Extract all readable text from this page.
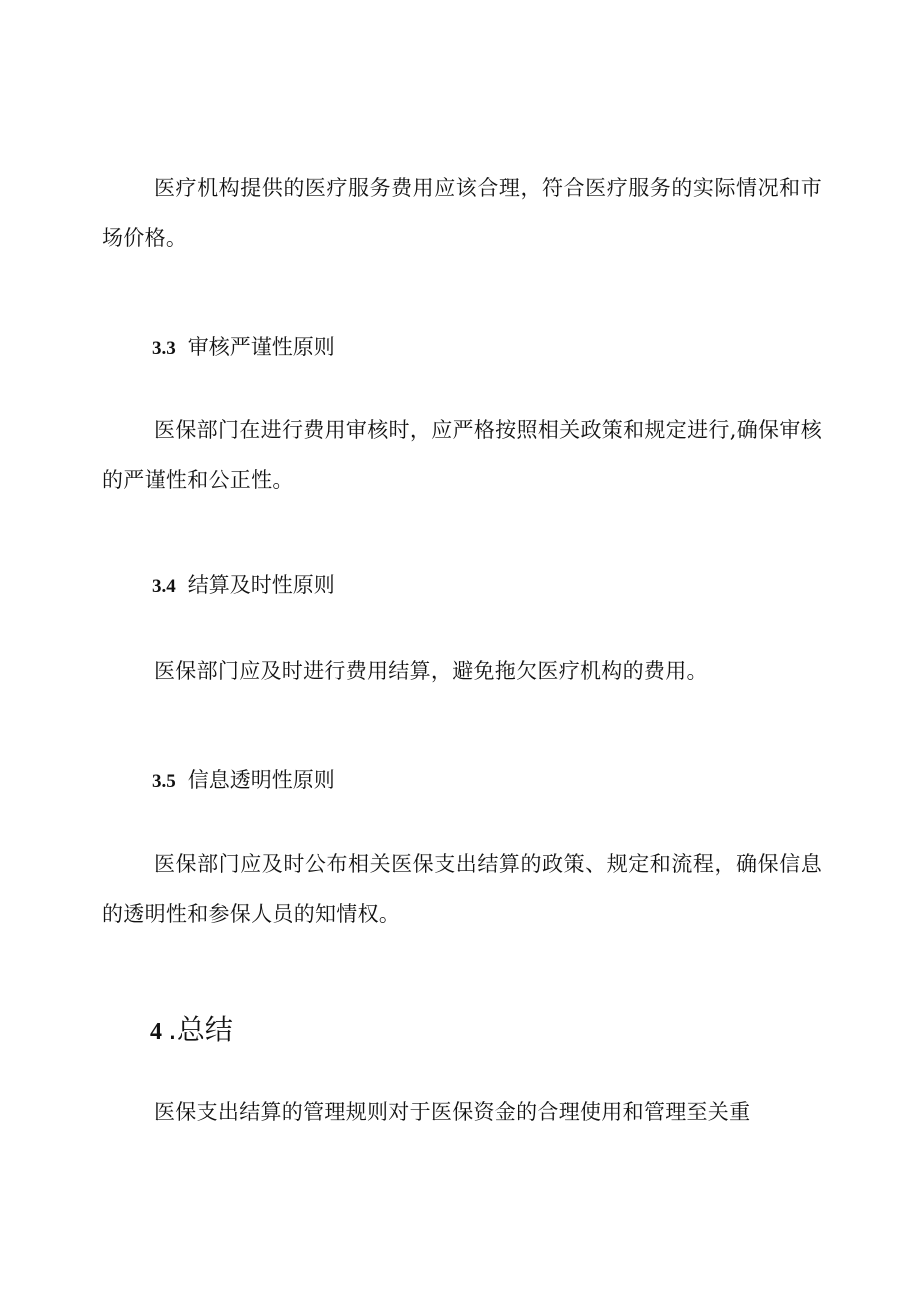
医疗机构提供的医疗服务费用应该合理，符合医疗服务的实际情况和市场价格。

3.3 审核严谨性原则

医保部门在进行费用审核时，应严格按照相关政策和规定进行,确保审核的严谨性和公正性。

3.4 结算及时性原则

医保部门应及时进行费用结算，避免拖欠医疗机构的费用。

3.5 信息透明性原则

医保部门应及时公布相关医保支出结算的政策、规定和流程，确保信息的透明性和参保人员的知情权。

4 .总结

医保支出结算的管理规则对于医保资金的合理使用和管理至关重
